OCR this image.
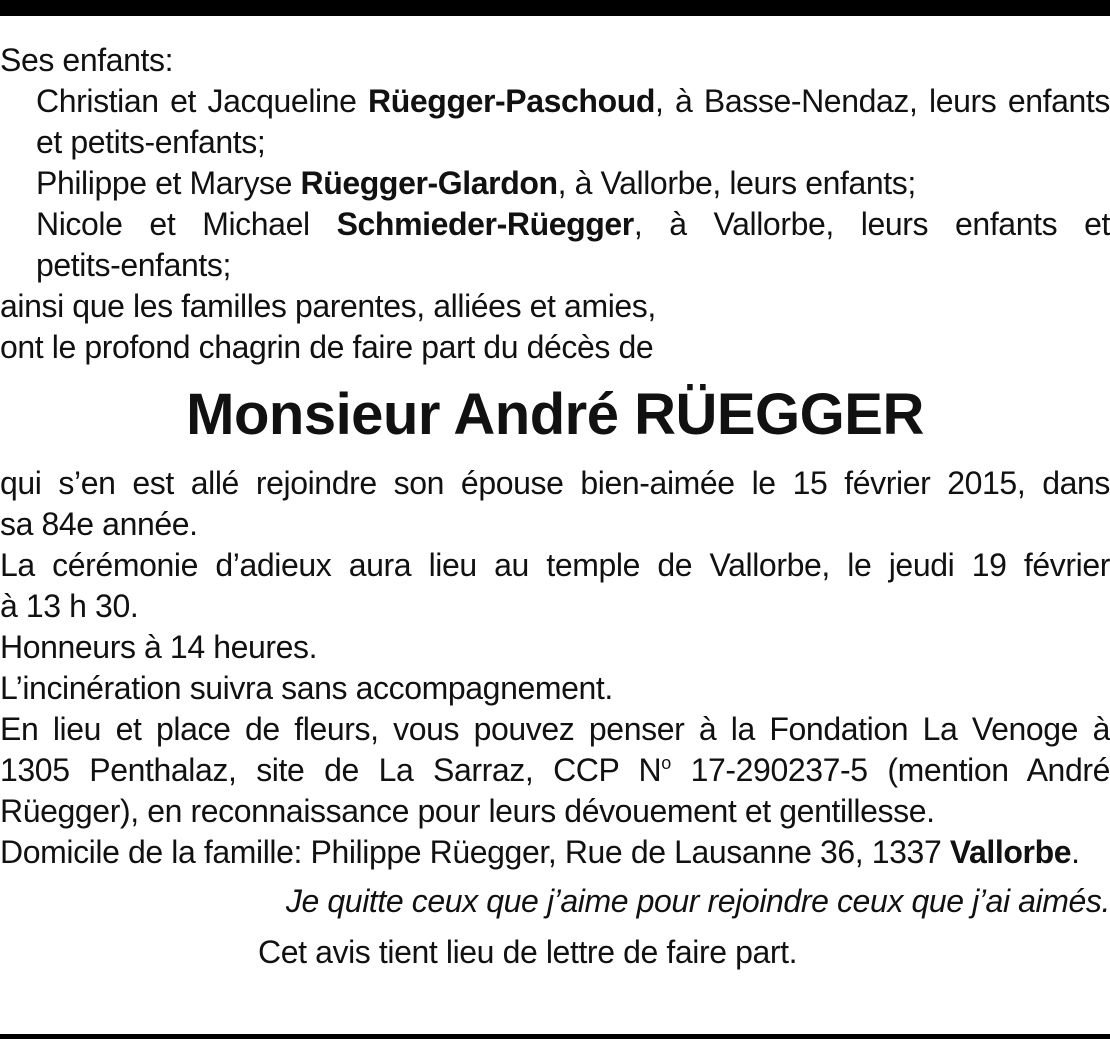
Ses enfants:
Christian et Jacqueline Rüegger-Paschoud, à Basse-Nendaz, leurs enfants
et petits-enfants;
Philippe et Maryse Rüegger-Glardon, à Vallorbe, leurs enfants;
Nicole et Michael Schmieder-Rüegger, à Vallorbe, leurs enfants et
petits-enfants;
ainsi que les familles parentes, alliées et amies,
ont le profond chagrin de faire part du décès de
Monsieur André RÜEGGER
qui s’en est allé rejoindre son épouse bien-aimée le 15 février 2015, dans
sa 84e année.
La cérémonie d’adieux aura lieu au temple de Vallorbe, le jeudi 19 février
à 13 h 30.
Honneurs à 14 heures.
L’incinération suivra sans accompagnement.
En lieu et place de fleurs, vous pouvez penser à la Fondation La Venoge à
1305 Penthalaz, site de La Sarraz, CCP $N^o$ 17-290237-5 (mention André
Rüegger), en reconnaissance pour leurs dévouement et gentillesse.
Domicile de la famille: Philippe Rüegger, Rue de Lausanne 36, 1337 Vallorbe.
Je quitte ceux que j’aime pour rejoindre ceux que j’ai aimés.
Cet avis tient lieu de lettre de faire part.
